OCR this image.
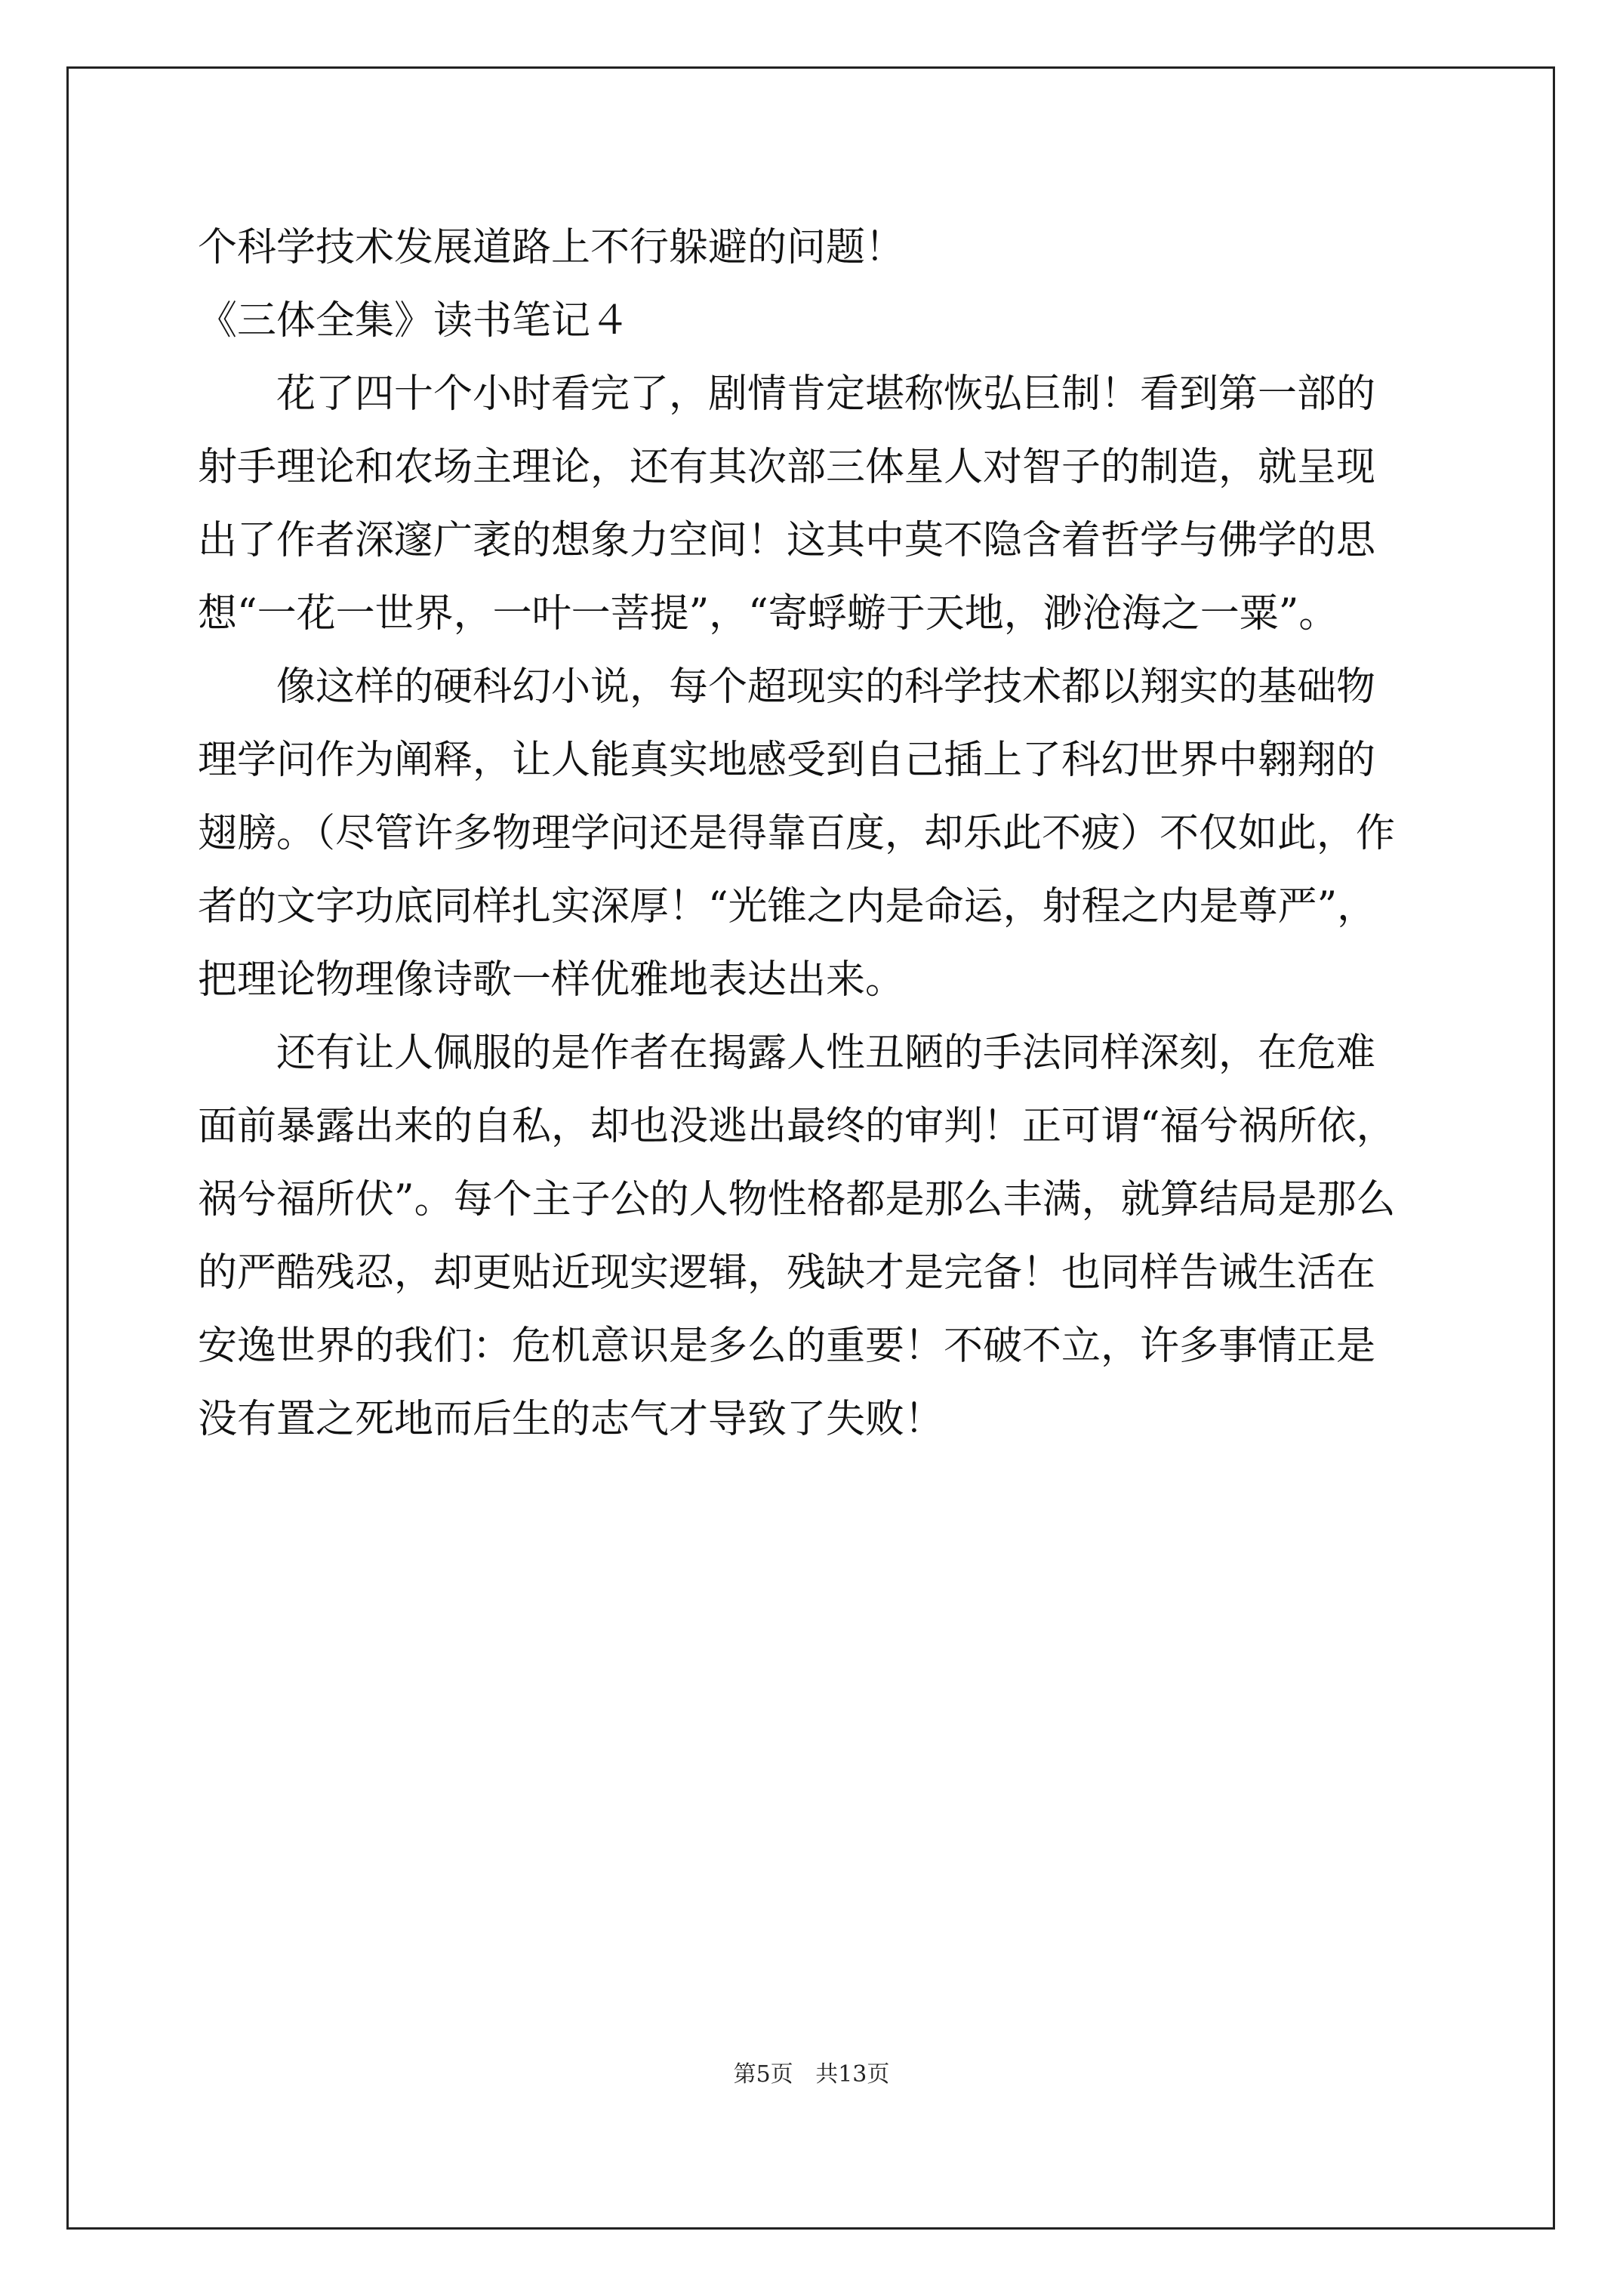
个科学技术发展道路上不行躲避的问题！
《三体全集》读书笔记４
花了四十个小时看完了，剧情肯定堪称恢弘巨制！看到第一部的
射手理论和农场主理论，还有其次部三体星人对智子的制造，就呈现
出了作者深邃广袤的想象力空间！这其中莫不隐含着哲学与佛学的思
想“一花一世界，一叶一菩提”，“寄蜉蝣于天地，渺沧海之一粟”。
像这样的硬科幻小说，每个超现实的科学技术都以翔实的基础物
理学问作为阐释，让人能真实地感受到自己插上了科幻世界中翱翔的
翅膀。（尽管许多物理学问还是得靠百度，却乐此不疲）不仅如此，作
者的文字功底同样扎实深厚！“光锥之内是命运，射程之内是尊严”，
把理论物理像诗歌一样优雅地表达出来。
还有让人佩服的是作者在揭露人性丑陋的手法同样深刻，在危难
面前暴露出来的自私，却也没逃出最终的审判！正可谓“福兮祸所依，
祸兮福所伏”。每个主子公的人物性格都是那么丰满，就算结局是那么
的严酷残忍，却更贴近现实逻辑，残缺才是完备！也同样告诫生活在
安逸世界的我们：危机意识是多么的重要！不破不立，许多事情正是
没有置之死地而后生的志气才导致了失败！
第5页 共13页
